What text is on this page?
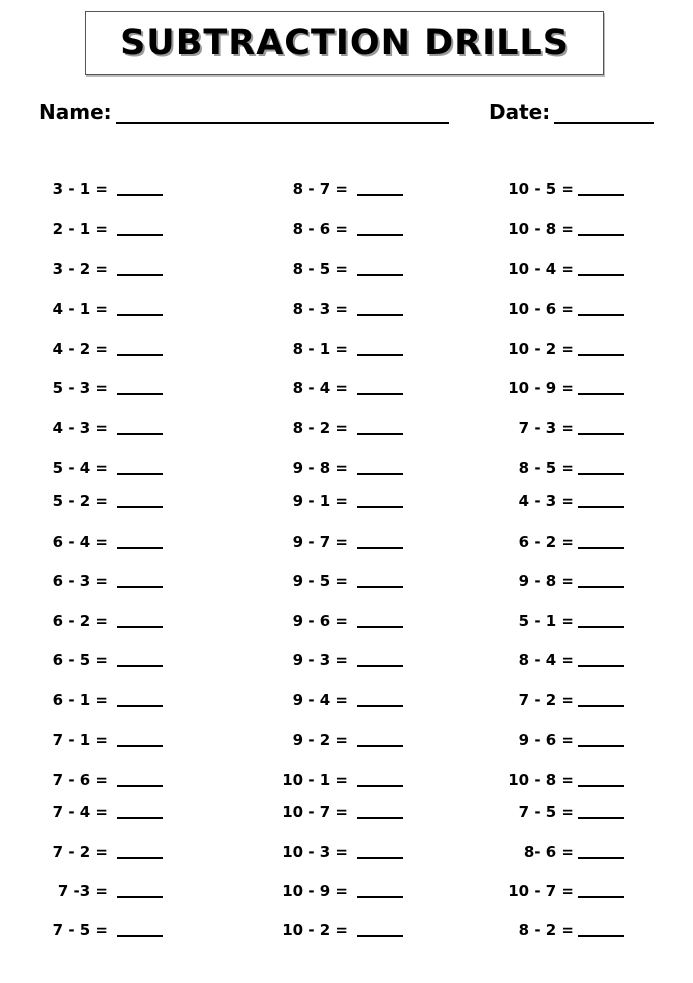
SUBTRACTION DRILLS
Name:	Date:
3 - 1 =
2 - 1 =
3 - 2 =
4 - 1 =
4 - 2 =
5 - 3 =
4 - 3 =
5 - 4 =
5 - 2 =
6 - 4 =
6 - 3 =
6 - 2 =
6 - 5 =
6 - 1 =
7 - 1 =
7 - 6 =
7 - 4 =
7 - 2 =
7 -3 =
7 - 5 =
8 - 7 =
8 - 6 =
8 - 5 =
8 - 3 =
8 - 1 =
8 - 4 =
8 - 2 =
9 - 8 =
9 - 1 =
9 - 7 =
9 - 5 =
9 - 6 =
9 - 3 =
9 - 4 =
9 - 2 =
10 - 1 =
10 - 7 =
10 - 3 =
10 - 9 =
10 - 2 =
10 - 5 =
10 - 8 =
10 - 4 =
10 - 6 =
10 - 2 =
10 - 9 =
7 - 3 =
8 - 5 =
4 - 3 =
6 - 2 =
9 - 8 =
5 - 1 =
8 - 4 =
7 - 2 =
9 - 6 =
10 - 8 =
7 - 5 =
8- 6 =
10 - 7 =
8 - 2 =
